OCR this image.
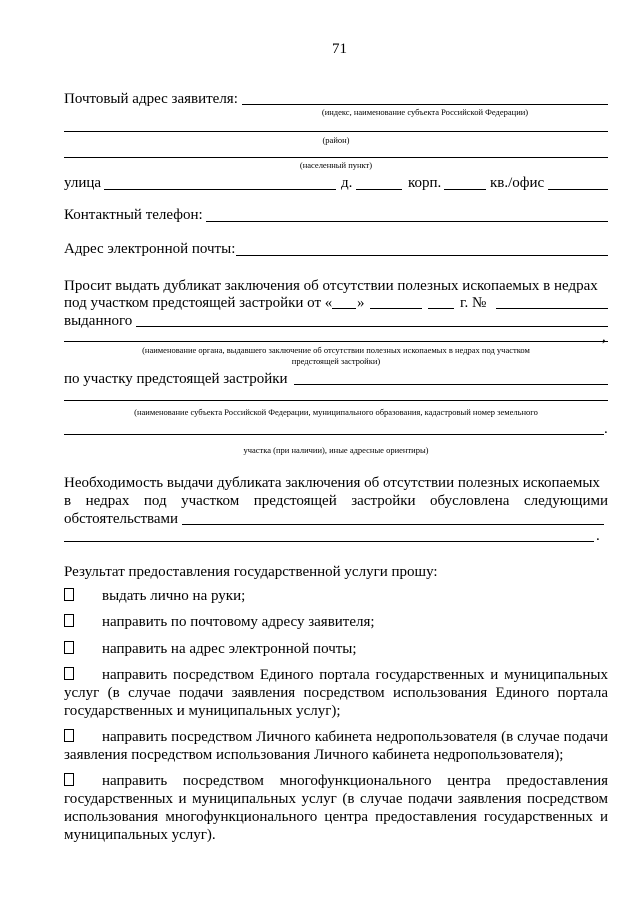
71
Почтовый адрес заявителя:
(индекс, наименование субъекта Российской Федерации)
(район)
(населенный пункт)
улица	д.	корп.	кв./офис
Контактный телефон:
Адрес электронной почты:
Просит выдать дубликат заключения об отсутствии полезных ископаемых в недрах
под участком предстоящей застройки от « »	г. №
выданного
,
(наименование органа, выдавшего заключение об отсутствии полезных ископаемых в недрах под участком
предстоящей застройки)
по участку предстоящей застройки
(наименование субъекта Российской Федерации, муниципального образования, кадастровый номер земельного
.
участка (при наличии), иные адресные ориентиры)
Необходимость выдачи дубликата заключения об отсутствии полезных ископаемых
в недрах под участком предстоящей застройки обусловлена следующими
обстоятельствами
.
Результат предоставления государственной услуги прошу:
выдать лично на руки;
направить по почтовому адресу заявителя;
направить на адрес электронной почты;
направить посредством Единого портала государственных и муниципальных
услуг (в случае подачи заявления посредством использования Единого портала
государственных и муниципальных услуг);
направить посредством Личного кабинета недропользователя (в случае подачи
заявления посредством использования Личного кабинета недропользователя);
направить посредством многофункционального центра предоставления
государственных и муниципальных услуг (в случае подачи заявления посредством
использования многофункционального центра предоставления государственных и
муниципальных услуг).
